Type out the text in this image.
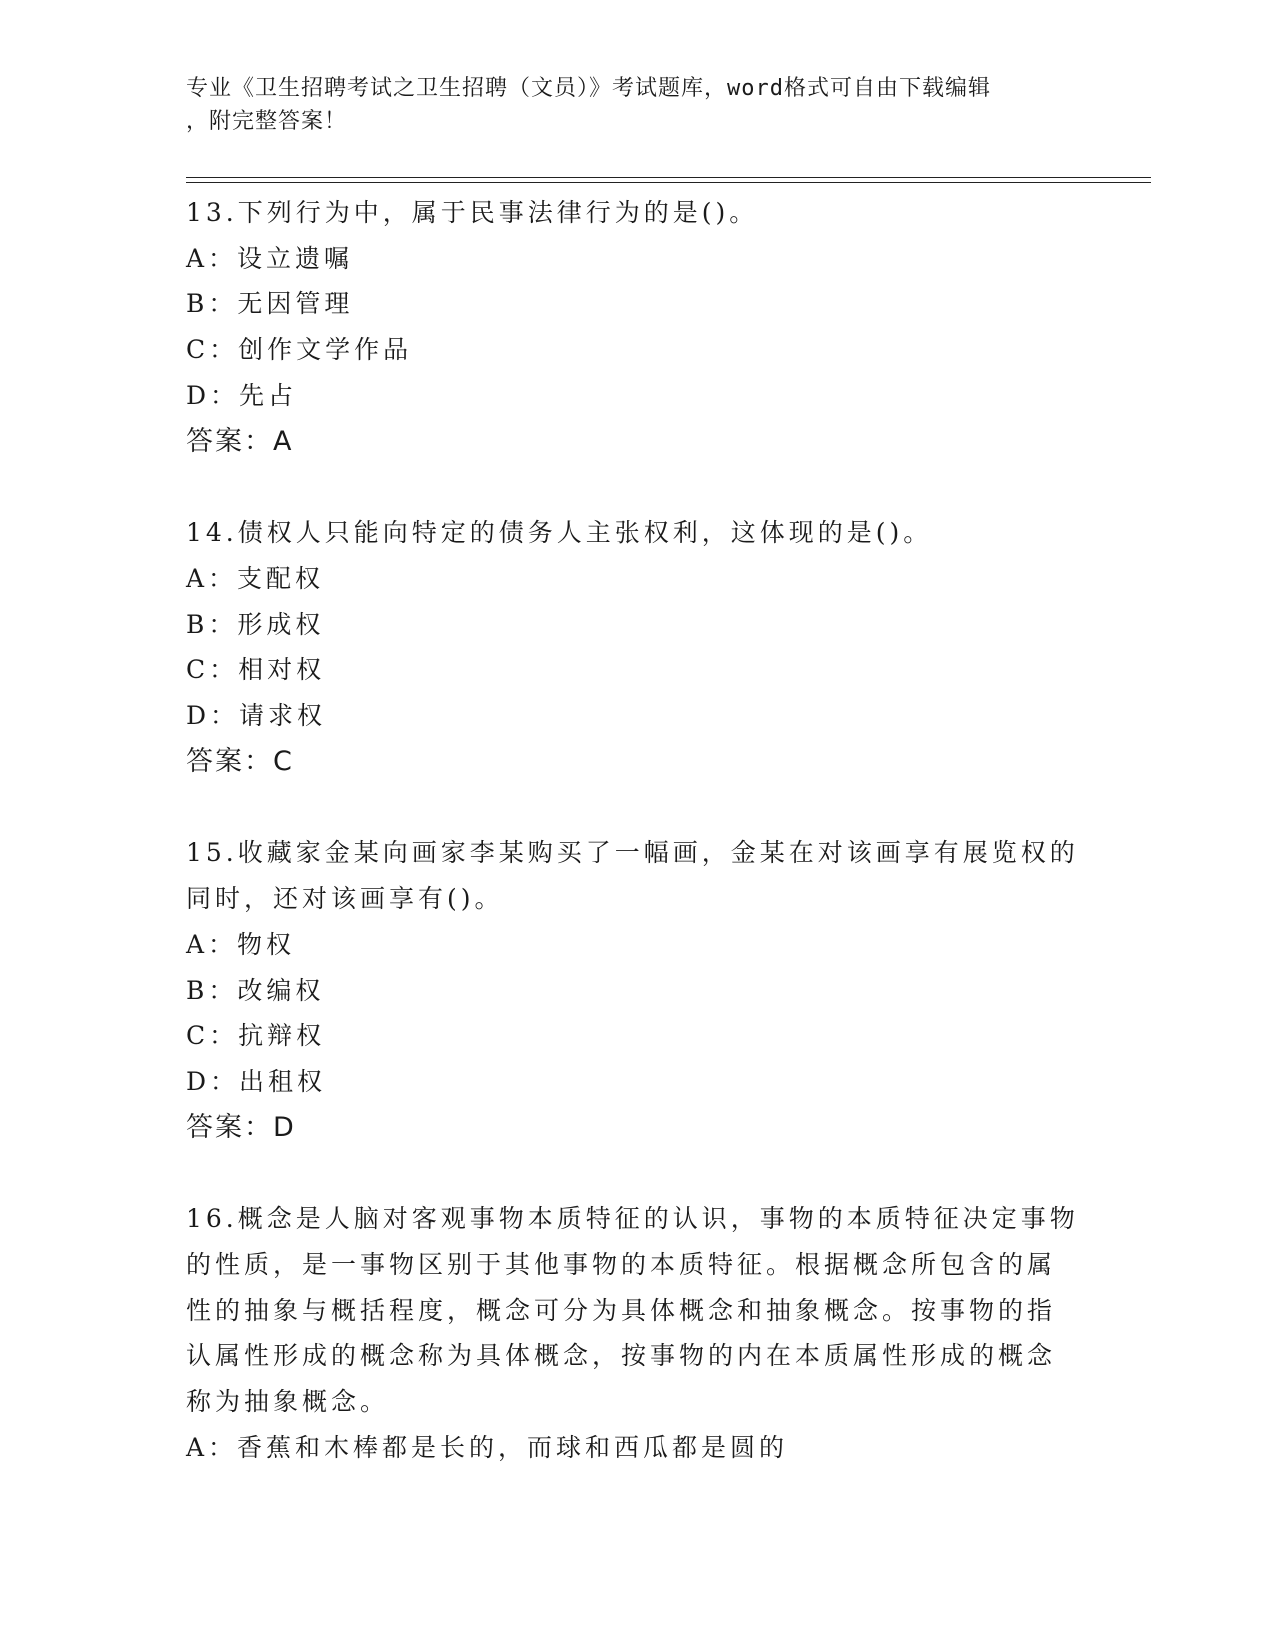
专业《卫生招聘考试之卫生招聘（文员）》考试题库，word格式可自由下载编辑
，附完整答案！
13.下列行为中，属于民事法律行为的是()。
A：设立遗嘱
B：无因管理
C：创作文学作品
D：先占
答案：A
14.债权人只能向特定的债务人主张权利，这体现的是()。
A：支配权
B：形成权
C：相对权
D：请求权
答案：C
15.收藏家金某向画家李某购买了一幅画，金某在对该画享有展览权的
同时，还对该画享有()。
A：物权
B：改编权
C：抗辩权
D：出租权
答案：D
16.概念是人脑对客观事物本质特征的认识，事物的本质特征决定事物
的性质，是一事物区别于其他事物的本质特征。根据概念所包含的属
性的抽象与概括程度，概念可分为具体概念和抽象概念。按事物的指
认属性形成的概念称为具体概念，按事物的内在本质属性形成的概念
称为抽象概念。
A：香蕉和木棒都是长的，而球和西瓜都是圆的
